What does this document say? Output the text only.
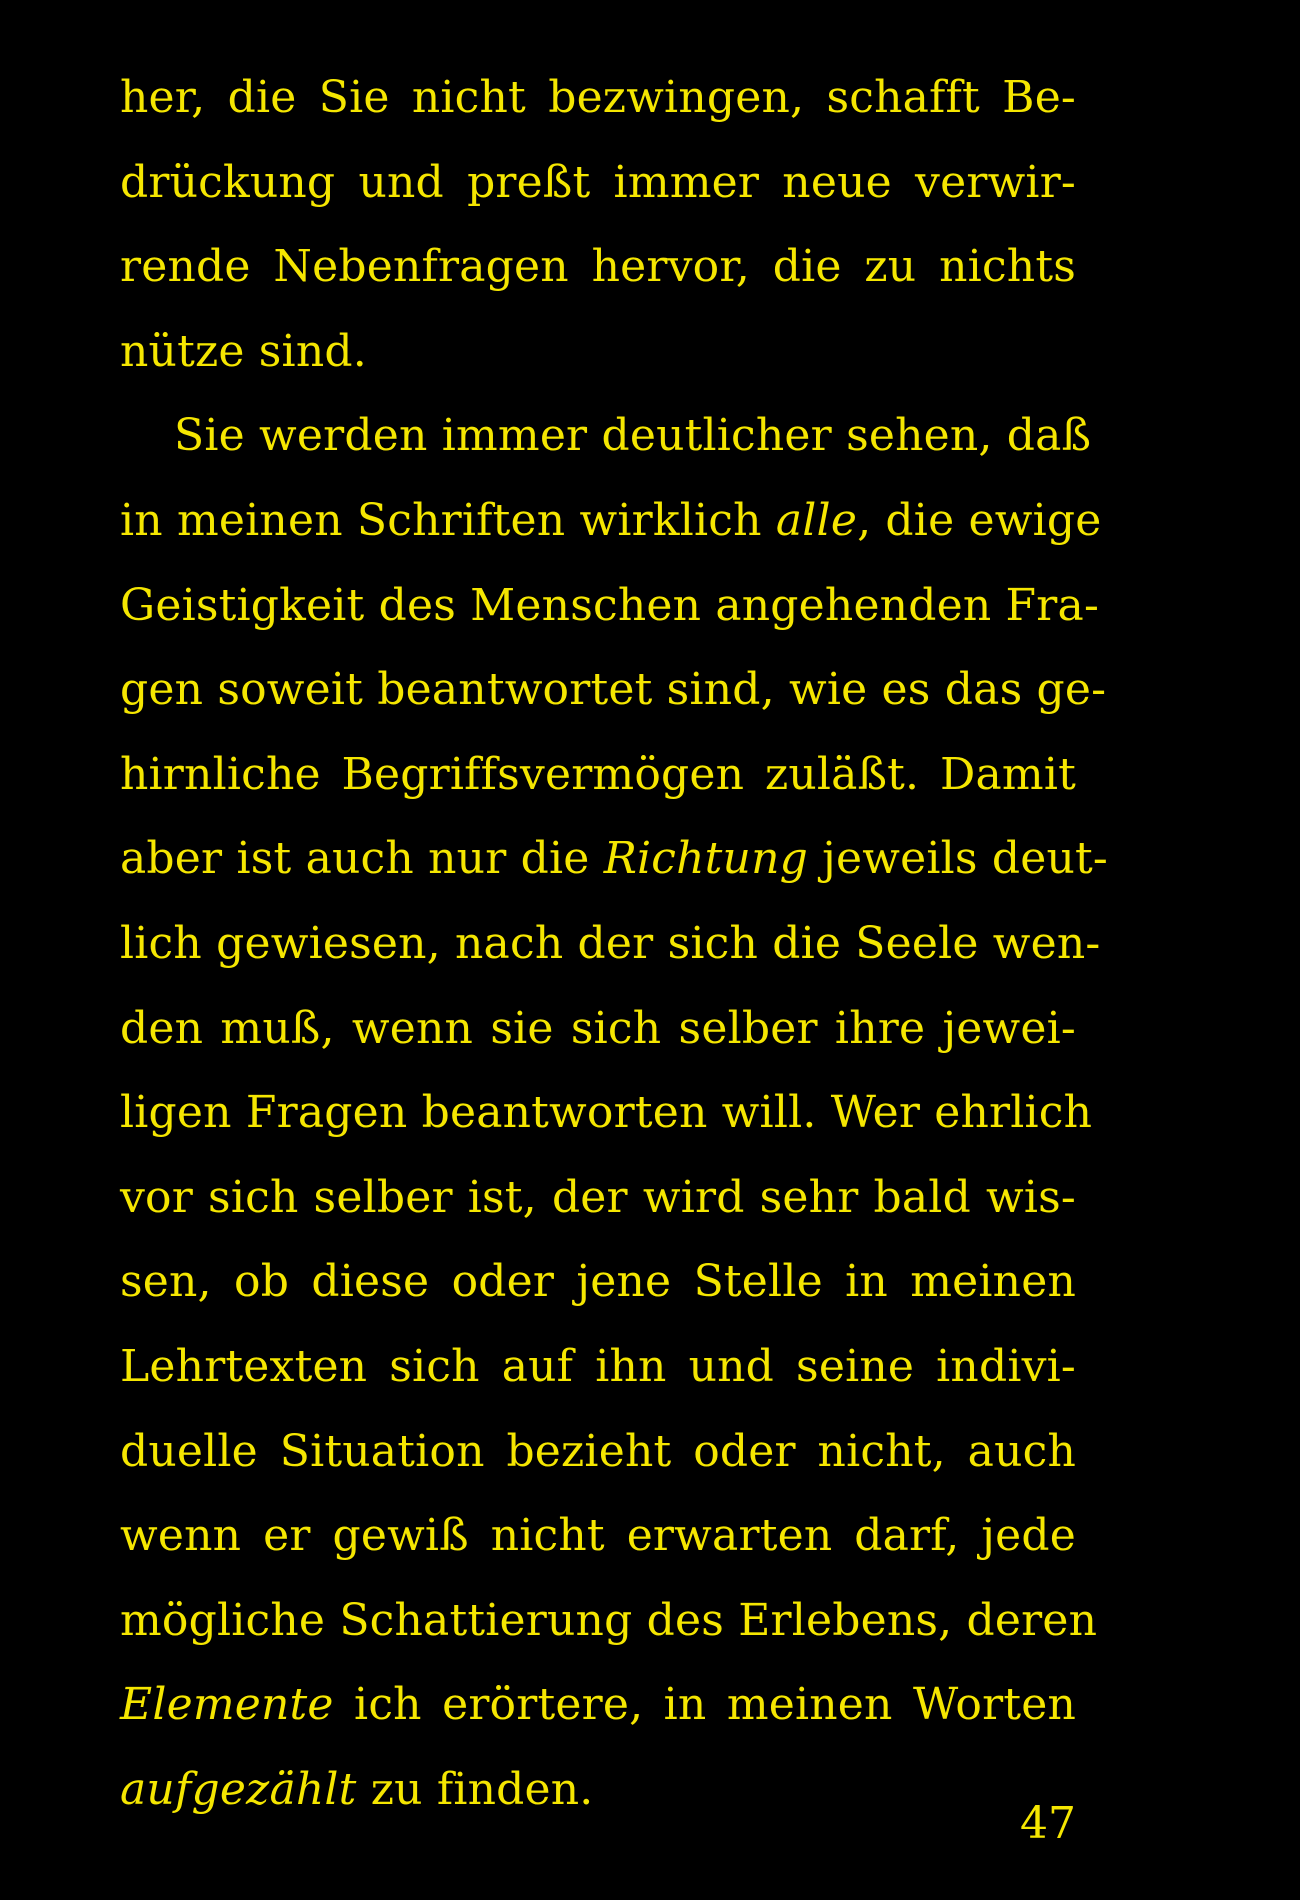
her, die Sie nicht bezwingen, schafft Be-
drückung und preßt immer neue verwir-
rende Nebenfragen hervor, die zu nichts
nütze sind.
Sie werden immer deutlicher sehen, daß
in meinen Schriften wirklich alle, die ewige
Geistigkeit des Menschen angehenden Fra-
gen soweit beantwortet sind, wie es das ge-
hirnliche Begriffsvermögen zuläßt. Damit
aber ist auch nur die Richtung jeweils deut-
lich gewiesen, nach der sich die Seele wen-
den muß, wenn sie sich selber ihre jewei-
ligen Fragen beantworten will. Wer ehrlich
vor sich selber ist, der wird sehr bald wis-
sen, ob diese oder jene Stelle in meinen
Lehrtexten sich auf ihn und seine indivi-
duelle Situation bezieht oder nicht, auch
wenn er gewiß nicht erwarten darf, jede
mögliche Schattierung des Erlebens, deren
Elemente ich erörtere, in meinen Worten
aufgezählt zu finden.
47
